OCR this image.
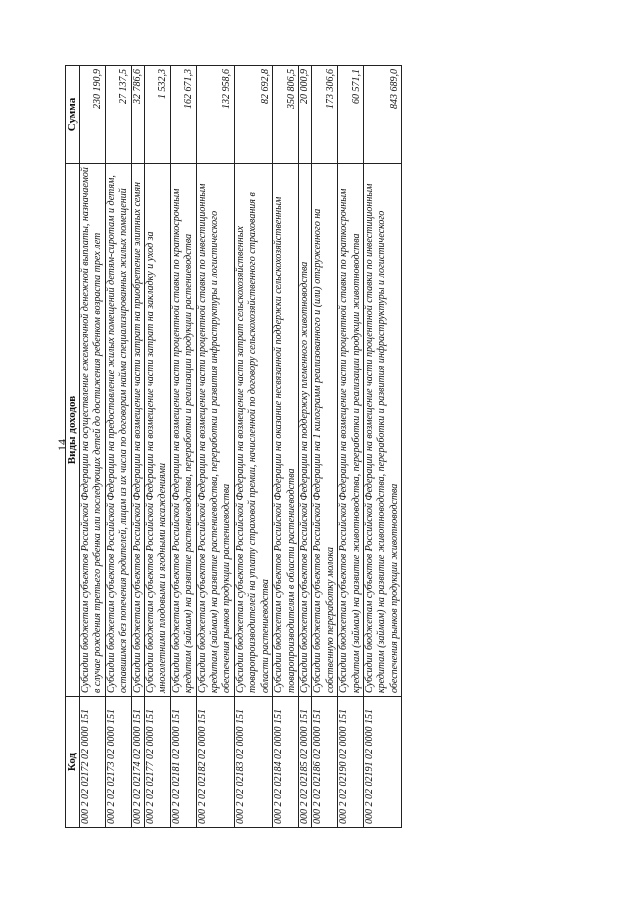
14
Код	Виды доходов	Сумма
000 2 02 02172 02 0000 151	Субсидии бюджетам субъектов Российской Федерации на осуществление ежемесячной денежной выплаты, назначаемой в случае рождения третьего ребенка или последующих детей до достижения ребенком возраста трех лет	230 190,9
000 2 02 02173 02 0000 151	Субсидии бюджетам субъектов Российской Федерации на предоставление жилых помещений детям-сиротам и детям, оставшимся без попечения родителей, лицам из их числа по договорам найма специализированных жилых помещений	27 137,5
000 2 02 02174 02 0000 151	Субсидии бюджетам субъектов Российской Федерации на возмещение части затрат на приобретение элитных семян	32 786,6
000 2 02 02177 02 0000 151	Субсидии бюджетам субъектов Российской Федерации на возмещение части затрат на закладку и уход за многолетними плодовыми и ягодными насаждениями	1 532,3
000 2 02 02181 02 0000 151	Субсидии бюджетам субъектов Российской Федерации на возмещение части процентной ставки по краткосрочным кредитам (займам) на развитие растениеводства, переработки и реализации продукции растениеводства	162 671,3
000 2 02 02182 02 0000 151	Субсидии бюджетам субъектов Российской Федерации на возмещение части процентной ставки по инвестиционным кредитам (займам) на развитие растениеводства, переработки и развития инфраструктуры и логистического обеспечения рынков продукции растениеводства	132 958,6
000 2 02 02183 02 0000 151	Субсидии бюджетам субъектов Российской Федерации на возмещение части затрат сельскохозяйственных товаропроизводителей на уплату страховой премии, начисленной по договору сельскохозяйственного страхования в области растениеводства	82 692,8
000 2 02 02184 02 0000 151	Субсидии бюджетам субъектов Российской Федерации на оказание несвязанной поддержки сельскохозяйственным товаропроизводителям в области растениеводства	350 806,5
000 2 02 02185 02 0000 151	Субсидии бюджетам субъектов Российской Федерации на поддержку племенного животноводства	20 000,9
000 2 02 02186 02 0000 151	Субсидии бюджетам субъектов Российской Федерации на 1 килограмм реализованного и (или) отгруженного на собственную переработку молока	173 306,6
000 2 02 02190 02 0000 151	Субсидии бюджетам субъектов Российской Федерации на возмещение части процентной ставки по краткосрочным кредитам (займам) на развитие животноводства, переработки и реализации продукции животноводства	60 571,1
000 2 02 02191 02 0000 151	Субсидии бюджетам субъектов Российской Федерации на возмещение части процентной ставки по инвестиционным кредитам (займам) на развитие животноводства, переработки и развития инфраструктуры и логистического обеспечения рынков продукции животноводства	843 689,0
